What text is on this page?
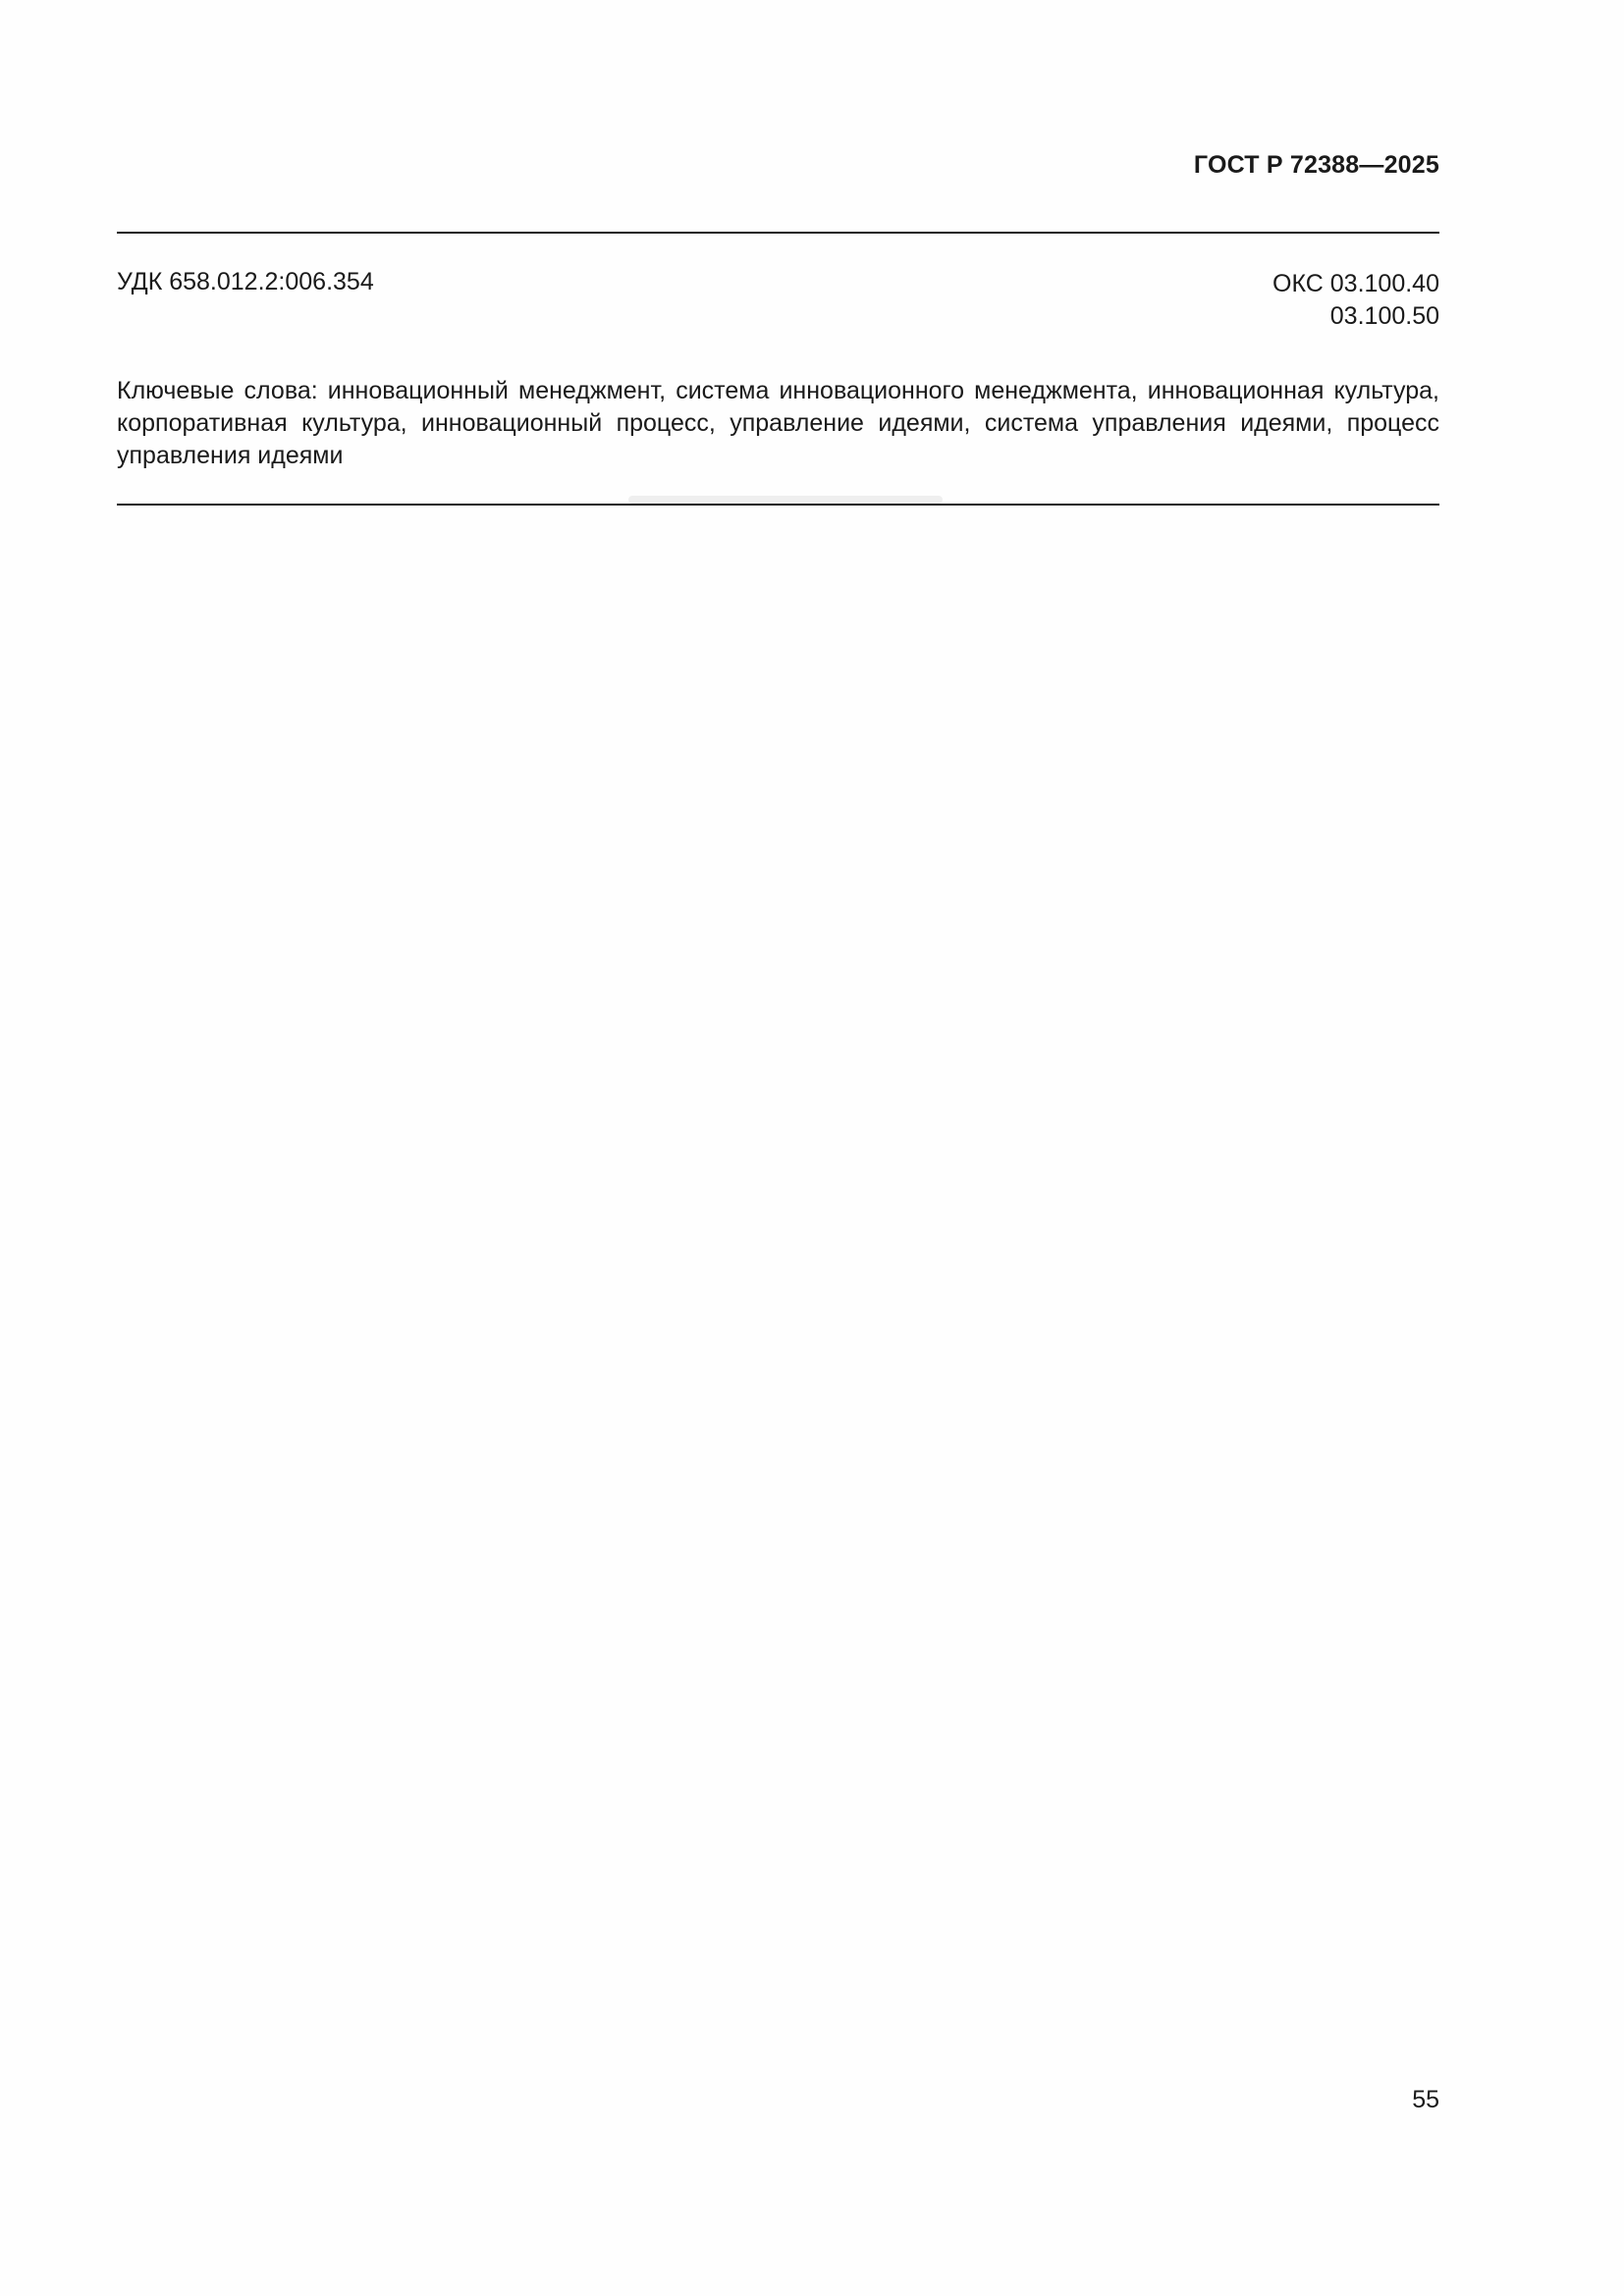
ГОСТ Р 72388—2025
УДК 658.012.2:006.354	ОКС 03.100.40
03.100.50
Ключевые слова: инновационный менеджмент, система инновационного менеджмента, инновационная культура, корпоративная культура, инновационный процесс, управление идеями, система управления идеями, процесс управления идеями
55
